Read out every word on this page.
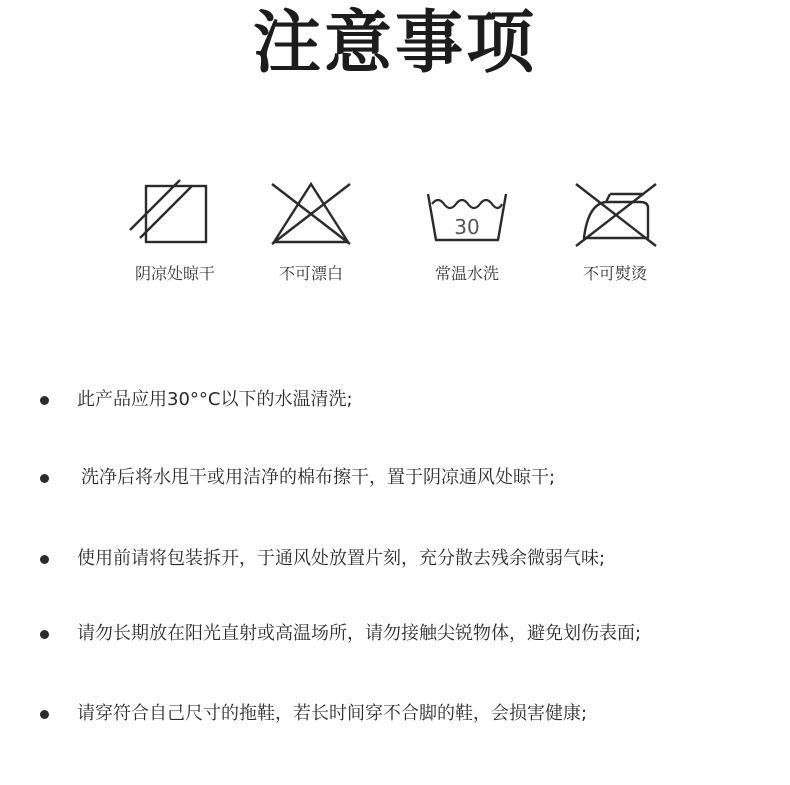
注意事项
阴凉处晾干	不可漂白
30
常温水洗	不可熨烫
此产品应用30°°C以下的水温清洗;
洗净后将水甩干或用洁净的棉布擦干，置于阴凉通风处晾干;
使用前请将包装拆开，于通风处放置片刻，充分散去残余微弱气味;
请勿长期放在阳光直射或高温场所，请勿接触尖锐物体，避免划伤表面;
请穿符合自己尺寸的拖鞋，若长时间穿不合脚的鞋，会损害健康;
